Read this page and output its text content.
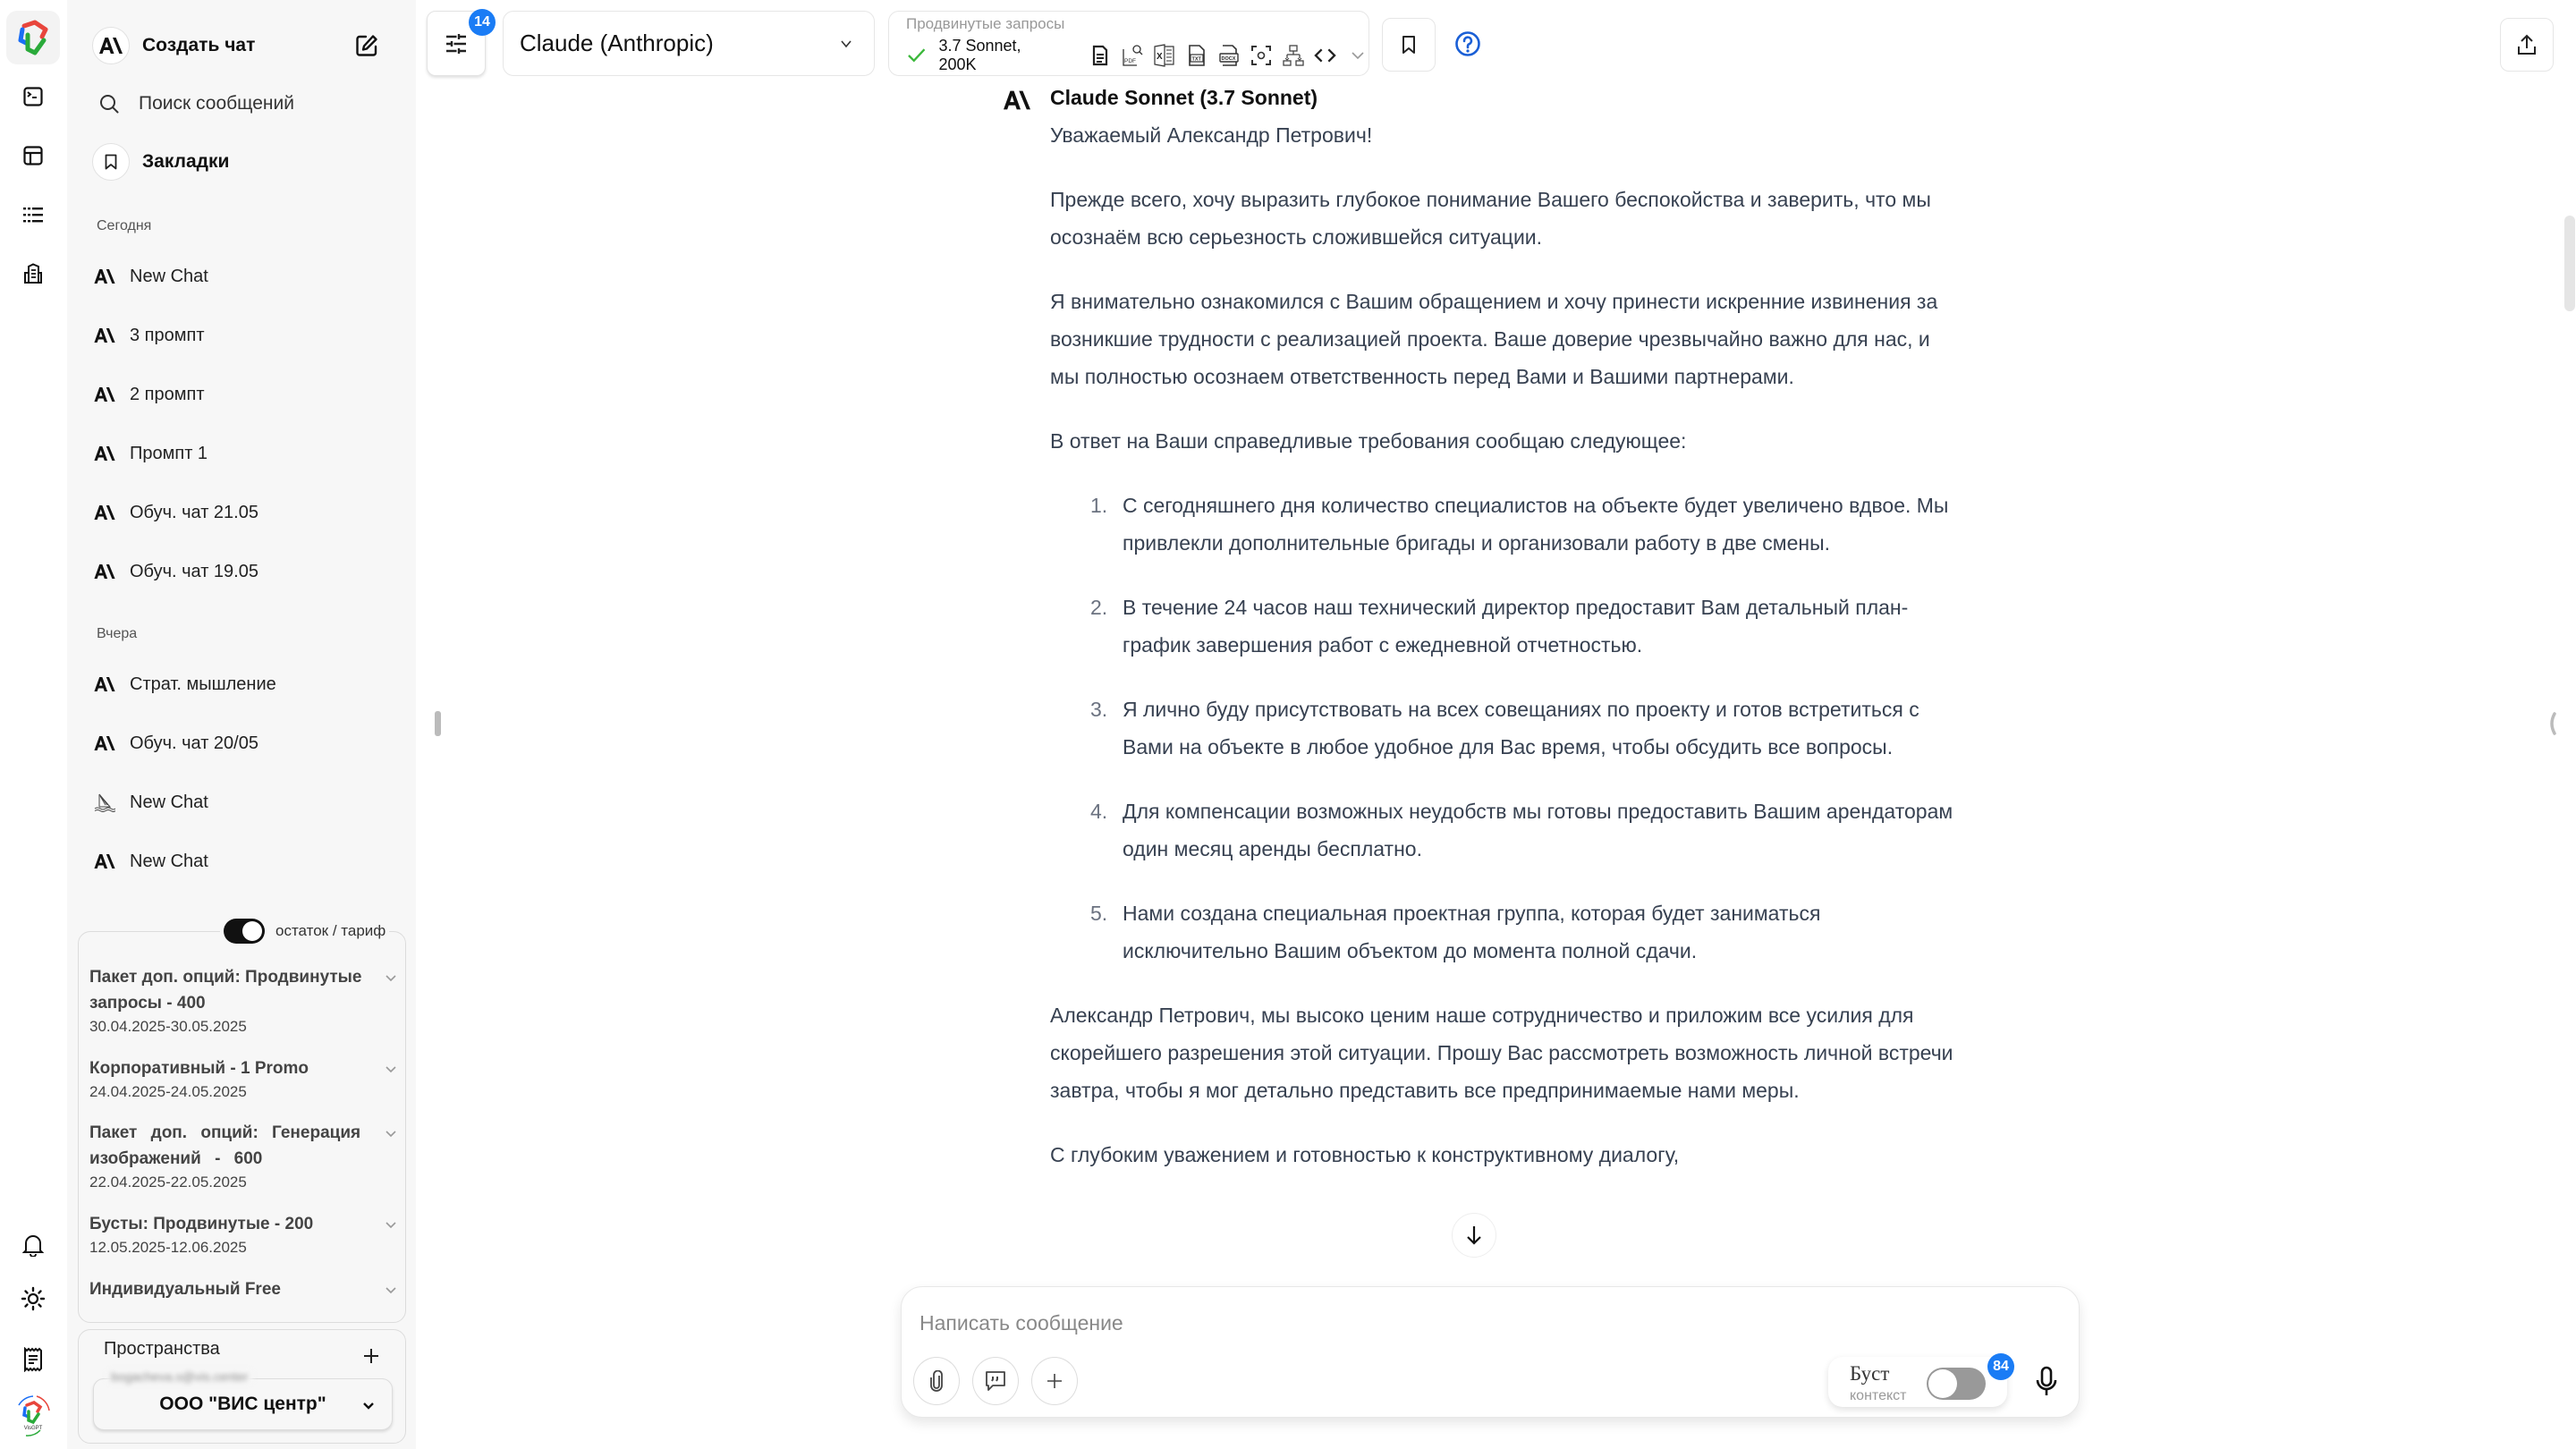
VisGPT
Создать чат
Поиск сообщений
Закладки
Сегодня
New Chat
3 промпт
2 промпт
Промпт 1
Обуч. чат 21.05
Обуч. чат 19.05
Вчера
Страт. мышление
Обуч. чат 20/05
New Chat
New Chat
остаток / тариф
Пакет доп. опций: Продвинутые запросы - 400
30.04.2025-30.05.2025
Корпоративный - 1 Promo
24.04.2025-24.05.2025
Пакет доп. опций: Генерация изображений - 600
22.04.2025-22.05.2025
Бусты: Продвинутые - 200
12.05.2025-12.06.2025
Индивидуальный Free
Пространства
bogacheva.s@vis.center
ООО "ВИС центр"
14
Claude (Anthropic)
Продвинутые запросы
3.7 Sonnet, 200K	PDF X	TXT	DOCX
Claude Sonnet (3.7 Sonnet)

Уважаемый Александр Петрович!

Прежде всего, хочу выразить глубокое понимание Вашего беспокойства и заверить, что мы осознаём всю серьезность сложившейся ситуации.

Я внимательно ознакомился с Вашим обращением и хочу принести искренние извинения за возникшие трудности с реализацией проекта. Ваше доверие чрезвычайно важно для нас, и мы полностью осознаем ответственность перед Вами и Вашими партнерами.

В ответ на Ваши справедливые требования сообщаю следующее:

1. С сегодняшнего дня количество специалистов на объекте будет увеличено вдвое. Мы привлекли дополнительные бригады и организовали работу в две смены.
2. В течение 24 часов наш технический директор предоставит Вам детальный план-график завершения работ с ежедневной отчетностью.
3. Я лично буду присутствовать на всех совещаниях по проекту и готов встретиться с Вами на объекте в любое удобное для Вас время, чтобы обсудить все вопросы.
4. Для компенсации возможных неудобств мы готовы предоставить Вашим арендаторам один месяц аренды бесплатно.
5. Нами создана специальная проектная группа, которая будет заниматься исключительно Вашим объектом до момента полной сдачи.

Александр Петрович, мы высоко ценим наше сотрудничество и приложим все усилия для скорейшего разрешения этой ситуации. Прошу Вас рассмотреть возможность личной встречи завтра, чтобы я мог детально представить все предпринимаемые нами меры.

С глубоким уважением и готовностью к конструктивному диалогу,

Написать сообщение
Буст
контекст
84
